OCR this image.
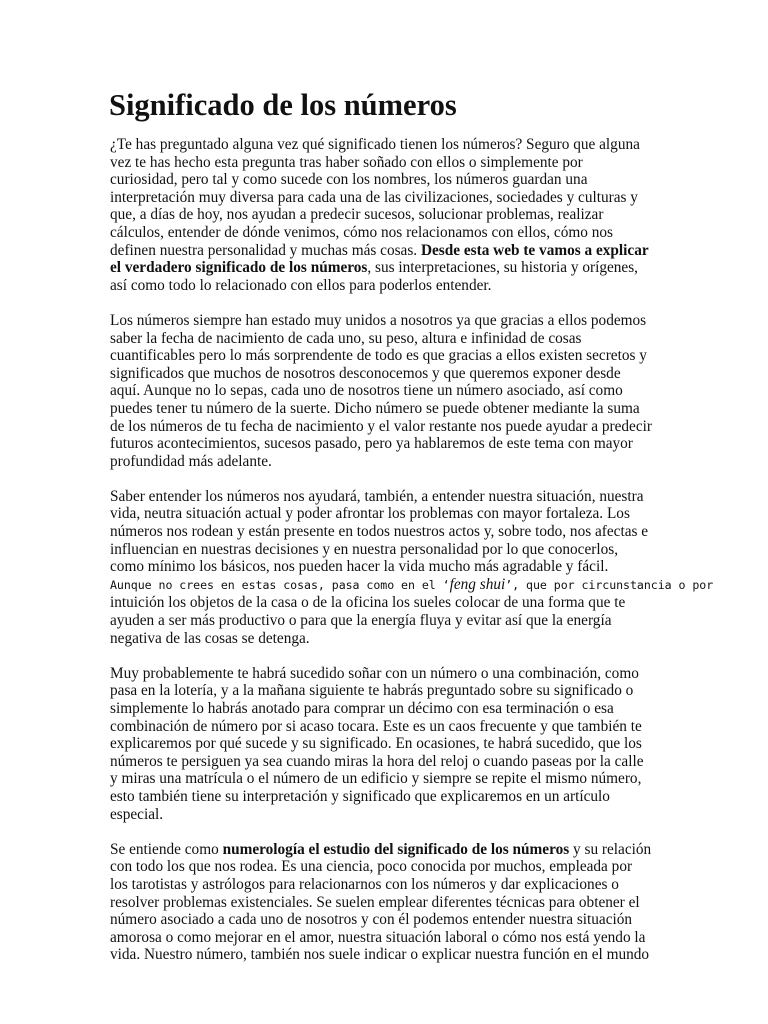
Significado de los números

¿Te has preguntado alguna vez qué significado tienen los números? Seguro que alguna
vez te has hecho esta pregunta tras haber soñado con ellos o simplemente por
curiosidad, pero tal y como sucede con los nombres, los números guardan una
interpretación muy diversa para cada una de las civilizaciones, sociedades y culturas y
que, a días de hoy, nos ayudan a predecir sucesos, solucionar problemas, realizar
cálculos, entender de dónde venimos, cómo nos relacionamos con ellos, cómo nos
definen nuestra personalidad y muchas más cosas. Desde esta web te vamos a explicar
el verdadero significado de los números, sus interpretaciones, su historia y orígenes,
así como todo lo relacionado con ellos para poderlos entender.

Los números siempre han estado muy unidos a nosotros ya que gracias a ellos podemos
saber la fecha de nacimiento de cada uno, su peso, altura e infinidad de cosas
cuantificables pero lo más sorprendente de todo es que gracias a ellos existen secretos y
significados que muchos de nosotros desconocemos y que queremos exponer desde
aquí. Aunque no lo sepas, cada uno de nosotros tiene un número asociado, así como
puedes tener tu número de la suerte. Dicho número se puede obtener mediante la suma
de los números de tu fecha de nacimiento y el valor restante nos puede ayudar a predecir
futuros acontecimientos, sucesos pasado, pero ya hablaremos de este tema con mayor
profundidad más adelante.

Saber entender los números nos ayudará, también, a entender nuestra situación, nuestra
vida, neutra situación actual y poder afrontar los problemas con mayor fortaleza. Los
números nos rodean y están presente en todos nuestros actos y, sobre todo, nos afectas e
influencian en nuestras decisiones y en nuestra personalidad por lo que conocerlos,
como mínimo los básicos, nos pueden hacer la vida mucho más agradable y fácil.
Aunque no crees en estas cosas, pasa como en el ‘feng shui’, que por circunstancia o por
intuición los objetos de la casa o de la oficina los sueles colocar de una forma que te
ayuden a ser más productivo o para que la energía fluya y evitar así que la energía
negativa de las cosas se detenga.

Muy probablemente te habrá sucedido soñar con un número o una combinación, como
pasa en la lotería, y a la mañana siguiente te habrás preguntado sobre su significado o
simplemente lo habrás anotado para comprar un décimo con esa terminación o esa
combinación de número por si acaso tocara. Este es un caos frecuente y que también te
explicaremos por qué sucede y su significado. En ocasiones, te habrá sucedido, que los
números te persiguen ya sea cuando miras la hora del reloj o cuando paseas por la calle
y miras una matrícula o el número de un edificio y siempre se repite el mismo número,
esto también tiene su interpretación y significado que explicaremos en un artículo
especial.

Se entiende como numerología el estudio del significado de los números y su relación
con todo los que nos rodea. Es una ciencia, poco conocida por muchos, empleada por
los tarotistas y astrólogos para relacionarnos con los números y dar explicaciones o
resolver problemas existenciales. Se suelen emplear diferentes técnicas para obtener el
número asociado a cada uno de nosotros y con él podemos entender nuestra situación
amorosa o como mejorar en el amor, nuestra situación laboral o cómo nos está yendo la
vida. Nuestro número, también nos suele indicar o explicar nuestra función en el mundo
